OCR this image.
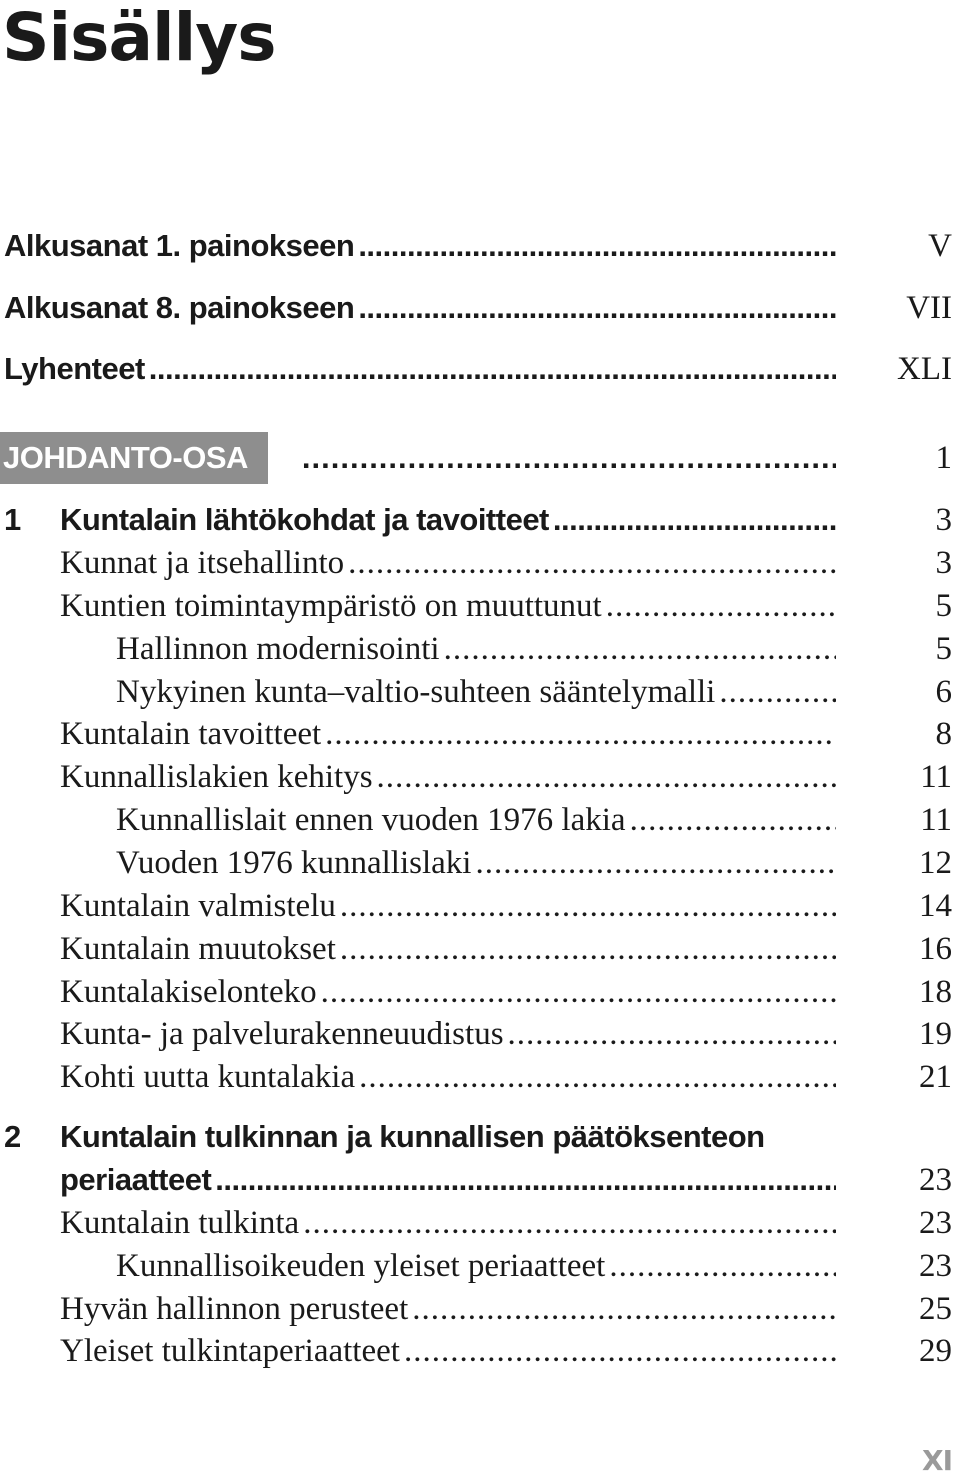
Sisällys
Alkusanat 1. painokseen .....	V
Alkusanat 8. painokseen .....	VII
Lyhenteet .....	XLI
JOHDANTO-OSA .....	1
1 Kuntalain lähtökohdat ja tavoitteet .....	3
Kunnat ja itsehallinto .....	3
Kuntien toimintaympäristö on muuttunut .....	5
Hallinnon modernisointi .....	5
Nykyinen kunta–valtio-suhteen sääntelymalli .....	6
Kuntalain tavoitteet .....	8
Kunnallislakien kehitys .....	11
Kunnallislait ennen vuoden 1976 lakia .....	11
Vuoden 1976 kunnallislaki .....	12
Kuntalain valmistelu .....	14
Kuntalain muutokset .....	16
Kuntalakiselonteko .....	18
Kunta- ja palvelurakenneuudistus .....	19
Kohti uutta kuntalakia .....	21
2 Kuntalain tulkinnan ja kunnallisen päätöksenteon
periaatteet .....	23
Kuntalain tulkinta .....	23
Kunnallisoikeuden yleiset periaatteet .....	23
Hyvän hallinnon perusteet .....	25
Yleiset tulkintaperiaatteet .....	29
XI
